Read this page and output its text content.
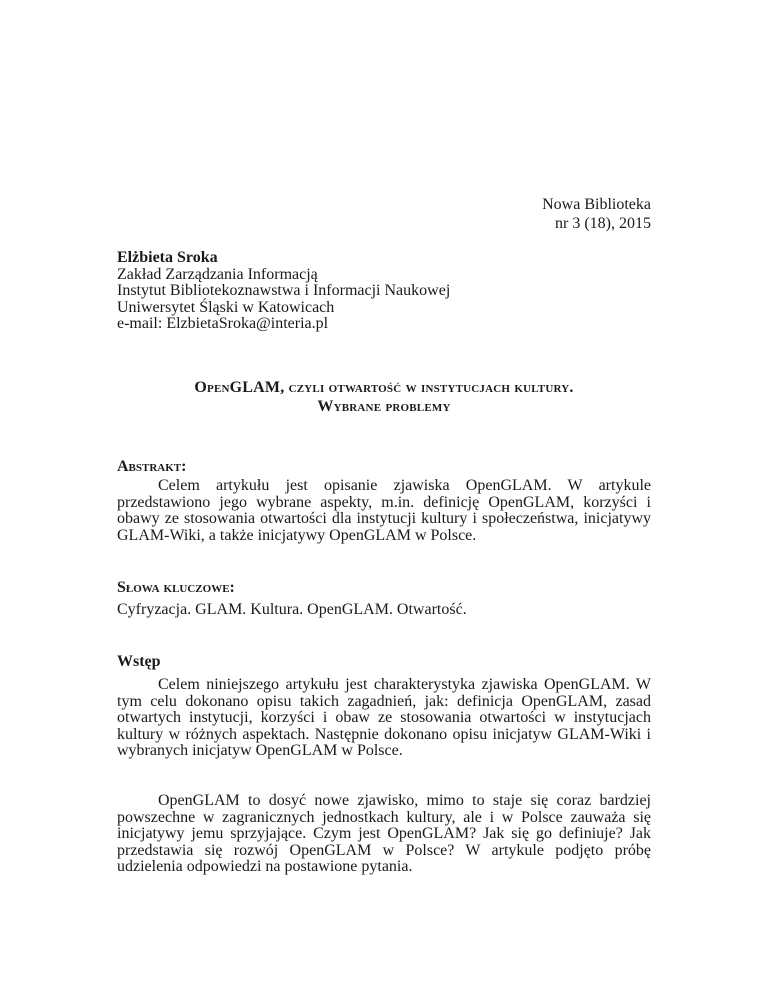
Nowa Biblioteka
nr 3 (18), 2015
Elżbieta Sroka
Zakład Zarządzania Informacją
Instytut Bibliotekoznawstwa i Informacji Naukowej
Uniwersytet Śląski w Katowicach
e-mail: ElzbietaSroka@interia.pl
OpenGLAM, czyli otwartość w instytucjach kultury.
Wybrane problemy
Abstrakt:
Celem artykułu jest opisanie zjawiska OpenGLAM. W artykule przedstawiono jego wybrane aspekty, m.in. definicję OpenGLAM, korzyści i obawy ze stosowania otwartości dla instytucji kultury i społeczeństwa, inicjatywy GLAM-Wiki, a także inicjatywy OpenGLAM w Polsce.
Słowa kluczowe:
Cyfryzacja. GLAM. Kultura. OpenGLAM. Otwartość.
Wstęp
Celem niniejszego artykułu jest charakterystyka zjawiska OpenGLAM. W tym celu dokonano opisu takich zagadnień, jak: definicja OpenGLAM, zasad otwartych instytucji, korzyści i obaw ze stosowania otwartości w instytucjach kultury w różnych aspektach. Następnie dokonano opisu inicjatyw GLAM-Wiki i wybranych inicjatyw OpenGLAM w Polsce.
OpenGLAM to dosyć nowe zjawisko, mimo to staje się coraz bardziej powszechne w zagranicznych jednostkach kultury, ale i w Polsce zauważa się inicjatywy jemu sprzyjające. Czym jest OpenGLAM? Jak się go definiuje? Jak przedstawia się rozwój OpenGLAM w Polsce? W artykule podjęto próbę udzielenia odpowiedzi na postawione pytania.
